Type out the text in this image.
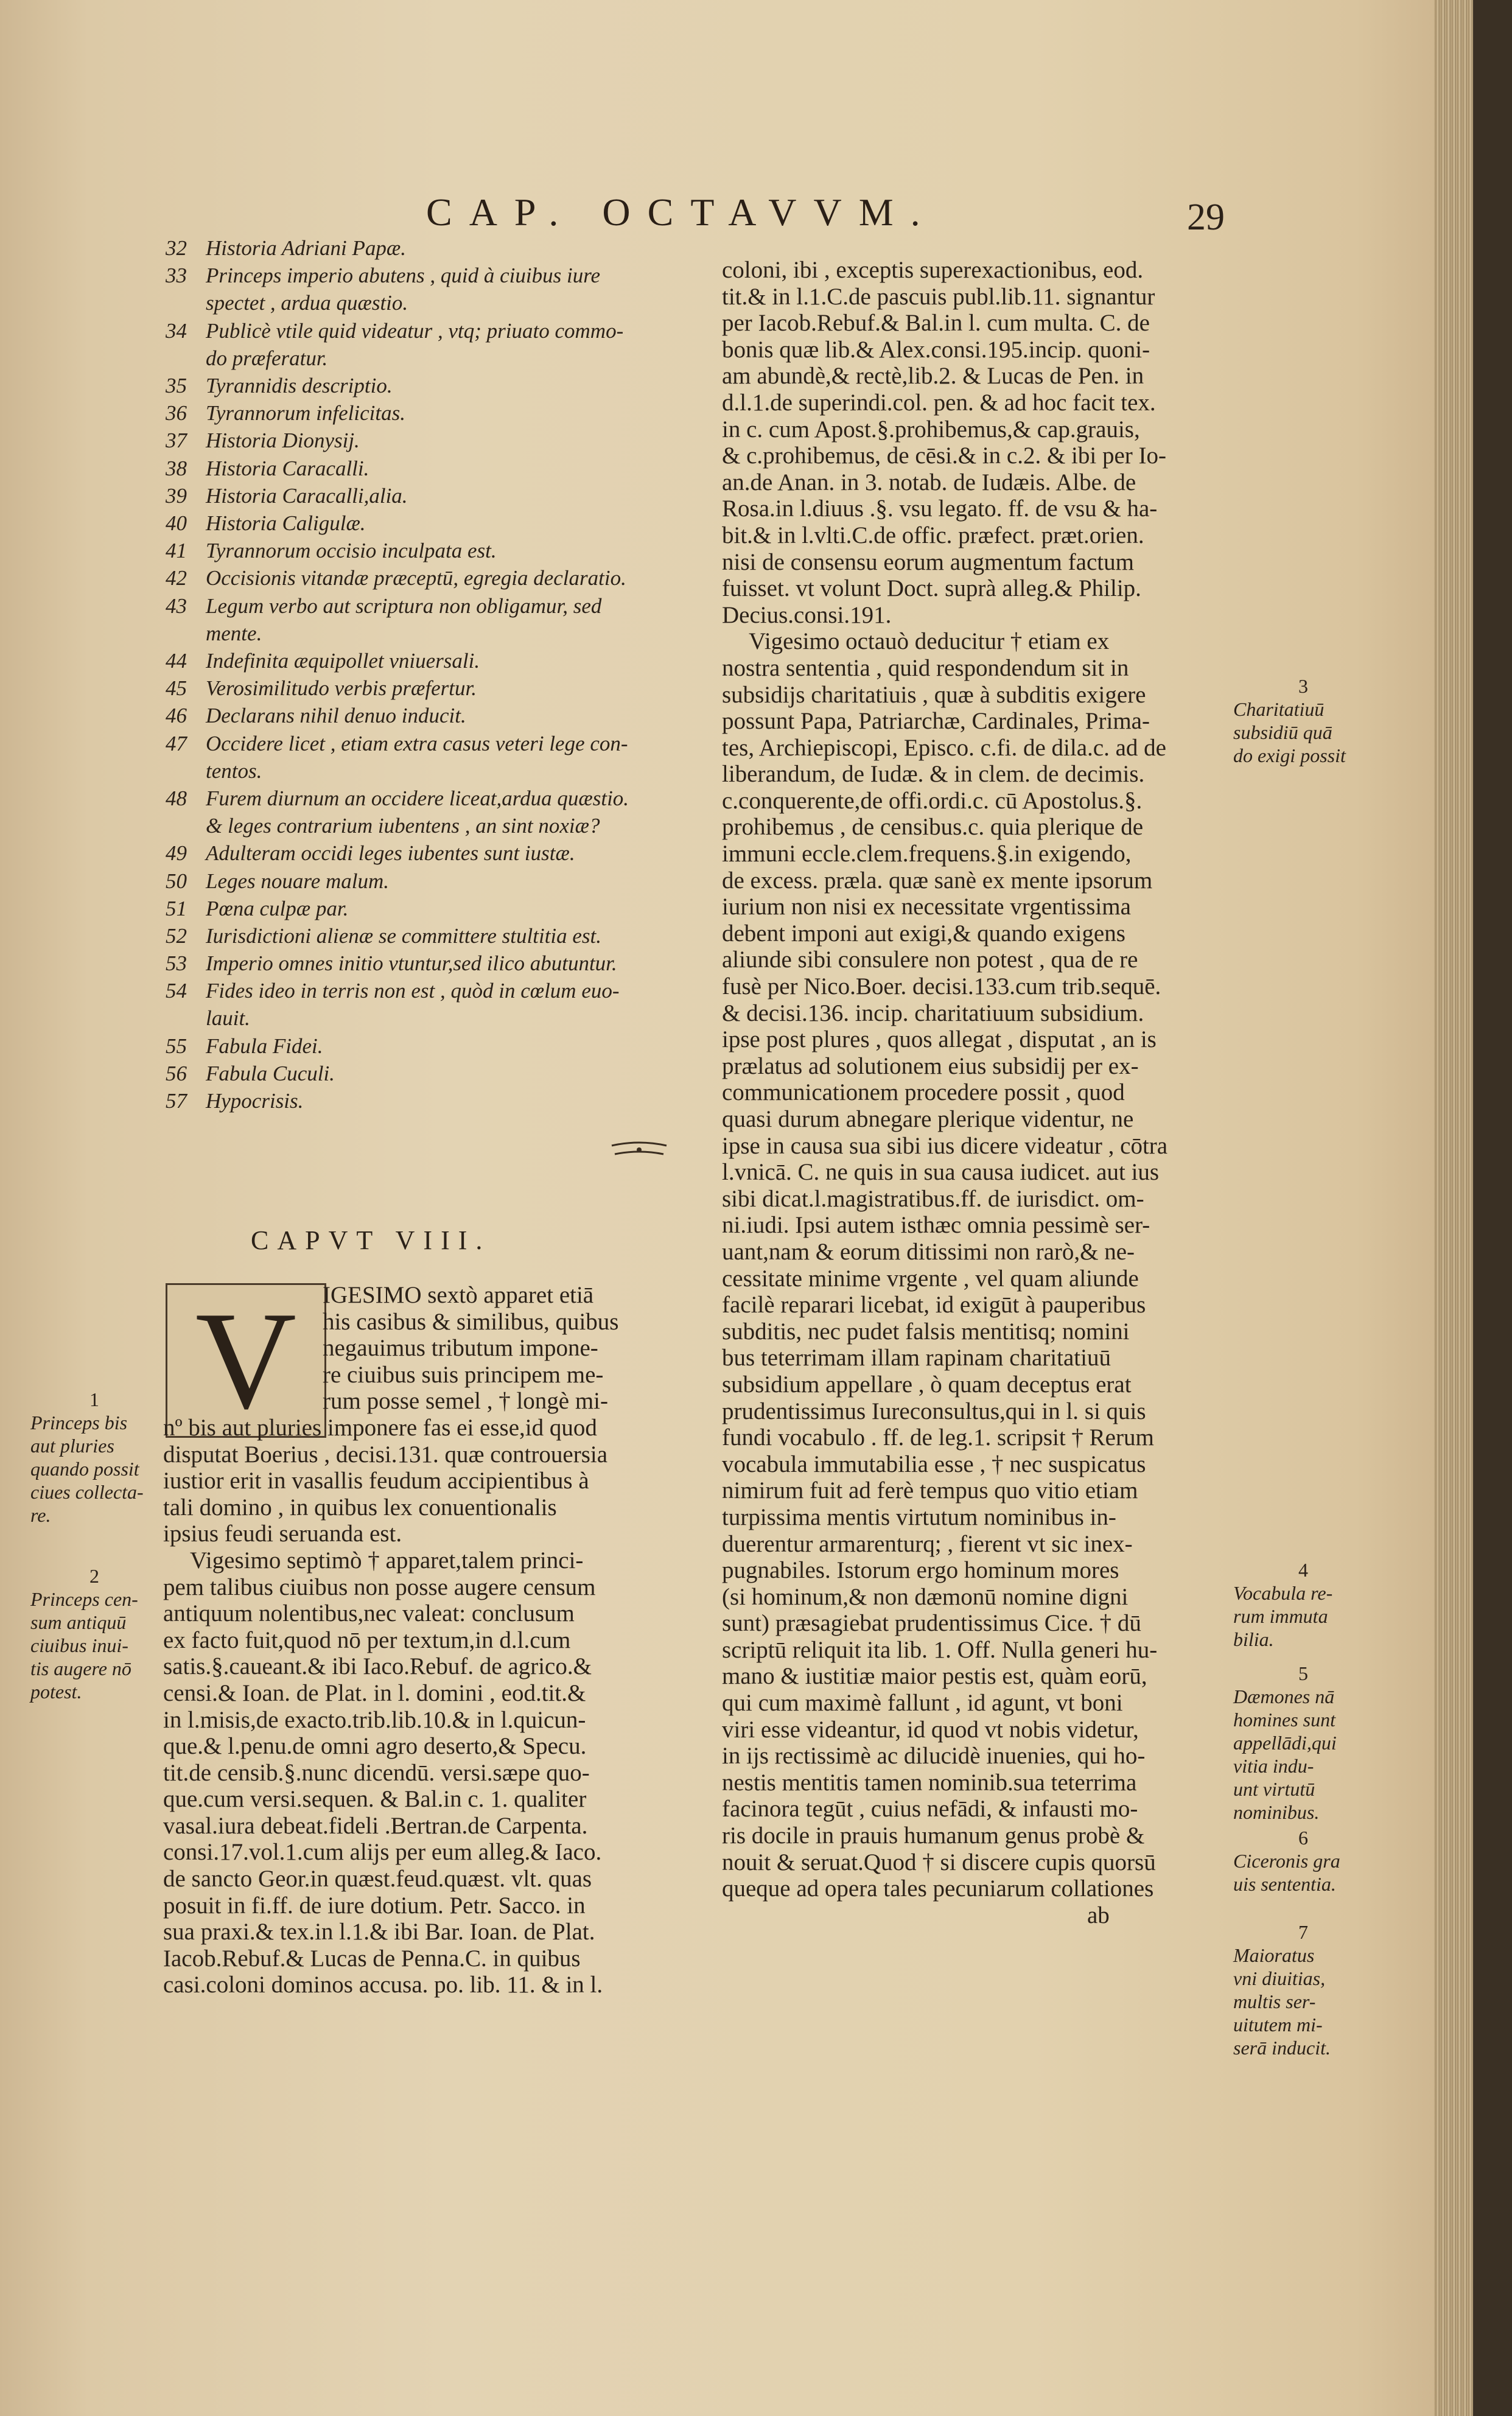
CAP. OCTAVVM.	29
32 Historia Adriani Papæ.
33 Princeps imperio abutens , quid à ciuibus iure
spectet , ardua quæstio.
34 Publicè vtile quid videatur , vtq; priuato commo-
do præferatur.
35 Tyrannidis descriptio.
36 Tyrannorum infelicitas.
37 Historia Dionysij.
38 Historia Caracalli.
39 Historia Caracalli,alia.
40 Historia Caligulæ.
41 Tyrannorum occisio inculpata est.
42 Occisionis vitandæ præceptū, egregia declaratio.
43 Legum verbo aut scriptura non obligamur, sed
mente.
44 Indefinita æquipollet vniuersali.
45 Verosimilitudo verbis præfertur.
46 Declarans nihil denuo inducit.
47 Occidere licet , etiam extra casus veteri lege con-
tentos.
48 Furem diurnum an occidere liceat,ardua quæstio.
& leges contrarium iubentens , an sint noxiæ?
49 Adulteram occidi leges iubentes sunt iustæ.
50 Leges nouare malum.
51 Pœna culpæ par.
52 Iurisdictioni alienæ se committere stultitia est.
53 Imperio omnes initio vtuntur,sed ilico abutuntur.
54 Fides ideo in terris non est , quòd in cœlum euo-
lauit.
55 Fabula Fidei.
56 Fabula Cuculi.
57 Hypocrisis.
CAPVT VIII.
V	IGESIMO sextò apparet etiā
his casibus & similibus, quibus
negauimus tributum impone-
re ciuibus suis principem me-
rum posse semel , † longè mi-
nº bis aut pluries imponere fas ei esse,id quod
disputat Boerius , decisi.131. quæ controuersia
iustior erit in vasallis feudum accipientibus à
tali domino , in quibus lex conuentionalis
ipsius feudi seruanda est.
Vigesimo septimò † apparet,talem princi-
pem talibus ciuibus non posse augere censum
antiquum nolentibus,nec valeat: conclusum
ex facto fuit,quod nō per textum,in d.l.cum
satis.§.caueant.& ibi Iaco.Rebuf. de agrico.&
censi.& Ioan. de Plat. in l. domini , eod.tit.&
in l.misis,de exacto.trib.lib.10.& in l.quicun-
que.& l.penu.de omni agro deserto,& Specu.
tit.de censib.§.nunc dicendū. versi.sæpe quo-
que.cum versi.sequen. & Bal.in c. 1. qualiter
vasal.iura debeat.fideli .Bertran.de Carpenta.
consi.17.vol.1.cum alijs per eum alleg.& Iaco.
de sancto Geor.in quæst.feud.quæst. vlt. quas
posuit in fi.ff. de iure dotium. Petr. Sacco. in
sua praxi.& tex.in l.1.& ibi Bar. Ioan. de Plat.
Iacob.Rebuf.& Lucas de Penna.C. in quibus
casi.coloni dominos accusa. po. lib. 11. & in l.
coloni, ibi , exceptis superexactionibus, eod.
tit.& in l.1.C.de pascuis publ.lib.11. signantur
per Iacob.Rebuf.& Bal.in l. cum multa. C. de
bonis quæ lib.& Alex.consi.195.incip. quoni-
am abundè,& rectè,lib.2. & Lucas de Pen. in
d.l.1.de superindi.col. pen. & ad hoc facit tex.
in c. cum Apost.§.prohibemus,& cap.grauis,
& c.prohibemus, de cēsi.& in c.2. & ibi per Io-
an.de Anan. in 3. notab. de Iudæis. Albe. de
Rosa.in l.diuus .§. vsu legato. ff. de vsu & ha-
bit.& in l.vlti.C.de offic. præfect. præt.orien.
nisi de consensu eorum augmentum factum
fuisset. vt volunt Doct. suprà alleg.& Philip.
Decius.consi.191.
Vigesimo octauò deducitur † etiam ex
nostra sententia , quid respondendum sit in
subsidijs charitatiuis , quæ à subditis exigere
possunt Papa, Patriarchæ, Cardinales, Prima-
tes, Archiepiscopi, Episco. c.fi. de dila.c. ad de
liberandum, de Iudæ. & in clem. de decimis.
c.conquerente,de offi.ordi.c. cū Apostolus.§.
prohibemus , de censibus.c. quia plerique de
immuni eccle.clem.frequens.§.in exigendo,
de excess. præla. quæ sanè ex mente ipsorum
iurium non nisi ex necessitate vrgentissima
debent imponi aut exigi,& quando exigens
aliunde sibi consulere non potest , qua de re
fusè per Nico.Boer. decisi.133.cum trib.sequē.
& decisi.136. incip. charitatiuum subsidium.
ipse post plures , quos allegat , disputat , an is
prælatus ad solutionem eius subsidij per ex-
communicationem procedere possit , quod
quasi durum abnegare plerique videntur, ne
ipse in causa sua sibi ius dicere videatur , cōtra
l.vnicā. C. ne quis in sua causa iudicet. aut ius
sibi dicat.l.magistratibus.ff. de iurisdict. om-
ni.iudi. Ipsi autem isthæc omnia pessimè ser-
uant,nam & eorum ditissimi non rarò,& ne-
cessitate minime vrgente , vel quam aliunde
facilè reparari licebat, id exigūt à pauperibus
subditis, nec pudet falsis mentitisq; nomini
bus teterrimam illam rapinam charitatiuū
subsidium appellare , ò quam deceptus erat
prudentissimus Iureconsultus,qui in l. si quis
fundi vocabulo . ff. de leg.1. scripsit † Rerum
vocabula immutabilia esse , † nec suspicatus
nimirum fuit ad ferè tempus quo vitio etiam
turpissima mentis virtutum nominibus in-
duerentur armarenturq; , fierent vt sic inex-
pugnabiles. Istorum ergo hominum mores
(si hominum,& non dæmonū nomine digni
sunt) præsagiebat prudentissimus Cice. † dū
scriptū reliquit ita lib. 1. Off. Nulla generi hu-
mano & iustitiæ maior pestis est, quàm eorū,
qui cum maximè fallunt , id agunt, vt boni
viri esse videantur, id quod vt nobis videtur,
in ijs rectissimè ac dilucidè inuenies, qui ho-
nestis mentitis tamen nominib.sua teterrima
facinora tegūt , cuius nefādi, & infausti mo-
ris docile in prauis humanum genus probè &
nouit & seruat.Quod † si discere cupis quorsū
queque ad opera tales pecuniarum collationes
ab
1
Princeps bis
aut pluries
quando possit
ciues collecta-
re.
2
Princeps cen-
sum antiquū
ciuibus inui-
tis augere nō
potest.
3
Charitatiuū
subsidiū quā
do exigi possit
4
Vocabula re-
rum immuta
bilia.
5
Dæmones nā
homines sunt
appellādi,qui
vitia indu-
unt virtutū
nominibus.
6
Ciceronis gra
uis sententia.
7
Maioratus
vni diuitias,
multis ser-
uitutem mi-
serā inducit.
